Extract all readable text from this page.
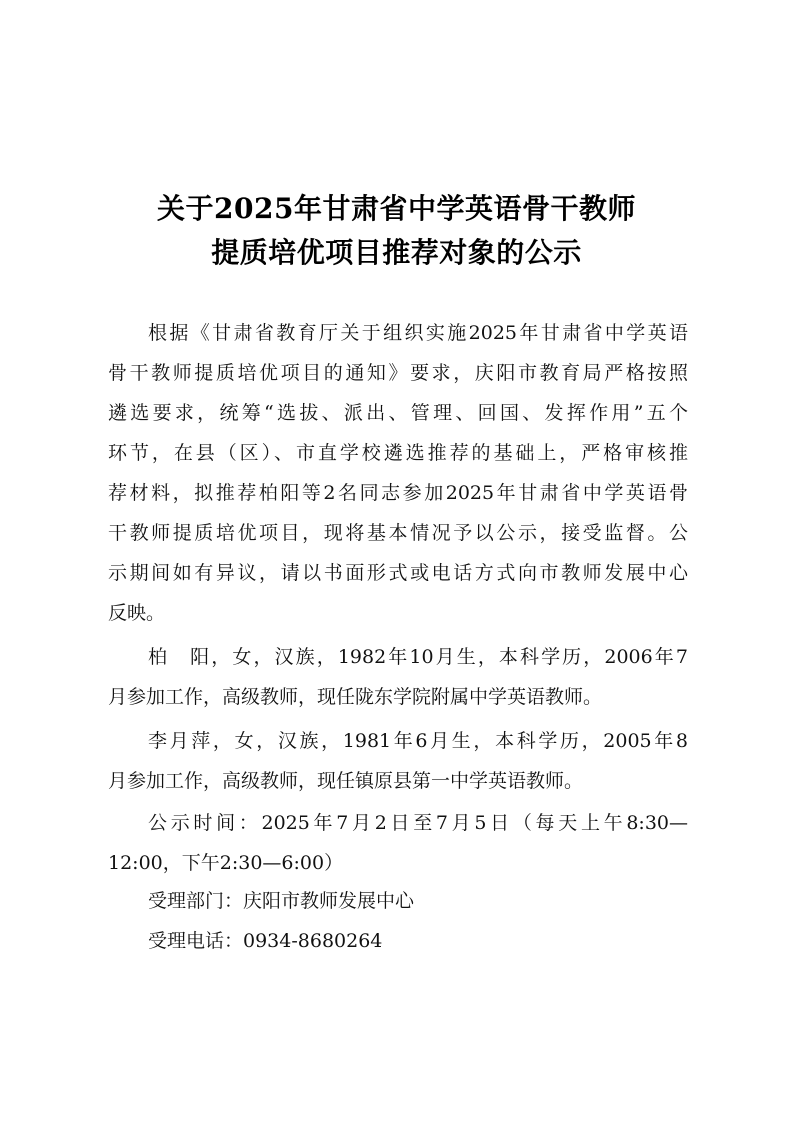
关于2025年甘肃省中学英语骨干教师
提质培优项目推荐对象的公示
根据《甘肃省教育厅关于组织实施2025年甘肃省中学英语
骨干教师提质培优项目的通知》要求，庆阳市教育局严格按照
遴选要求，统筹“选拔、派出、管理、回国、发挥作用”五个
环节，在县（区）、市直学校遴选推荐的基础上，严格审核推
荐材料，拟推荐柏阳等2名同志参加2025年甘肃省中学英语骨
干教师提质培优项目，现将基本情况予以公示，接受监督。公
示期间如有异议，请以书面形式或电话方式向市教师发展中心
反映。
柏　阳，女，汉族，1982年10月生，本科学历，2006年7
月参加工作，高级教师，现任陇东学院附属中学英语教师。
李月萍，女，汉族，1981年6月生，本科学历，2005年8
月参加工作，高级教师，现任镇原县第一中学英语教师。
公示时间：2025年7月2日至7月5日（每天上午8:30—
12:00，下午2:30—6:00）
受理部门：庆阳市教师发展中心
受理电话：0934-8680264
